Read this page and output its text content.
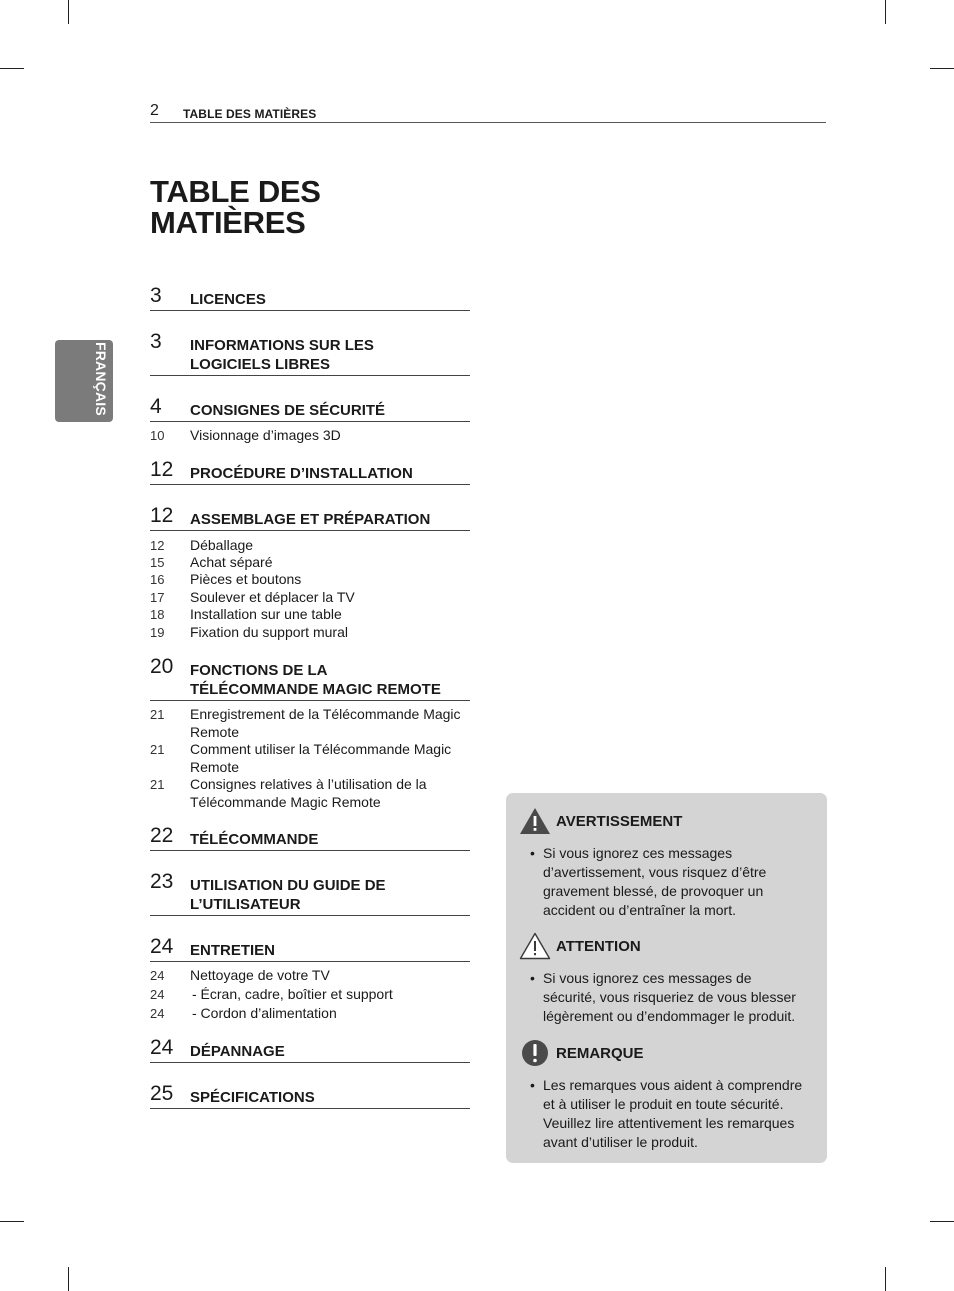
2 TABLE DES MATIÈRES
FRANÇAIS
TABLE DES
MATIÈRES
3 LICENCES
3 INFORMATIONS SUR LES
LOGICIELS LIBRES
4 CONSIGNES DE SÉCURITÉ
10 Visionnage d’images 3D
12 PROCÉDURE D’INSTALLATION
12 ASSEMBLAGE ET PRÉPARATION
12 Déballage
15 Achat séparé
16 Pièces et boutons
17 Soulever et déplacer la TV
18 Installation sur une table
19 Fixation du support mural
20 FONCTIONS DE LA
TÉLÉCOMMANDE MAGIC REMOTE
21 Enregistrement de la Télécommande Magic
Remote
21 Comment utiliser la Télécommande Magic
Remote
21 Consignes relatives à l’utilisation de la
Télécommande Magic Remote
22 TÉLÉCOMMANDE
23 UTILISATION DU GUIDE DE
L’UTILISATEUR
24 ENTRETIEN
24 Nettoyage de votre TV
24 - Écran, cadre, boîtier et support
24 - Cordon d’alimentation
24 DÉPANNAGE
25 SPÉCIFICATIONS
AVERTISSEMENT
• Si vous ignorez ces messages
d’avertissement, vous risquez d’être
gravement blessé, de provoquer un
accident ou d’entraîner la mort.
ATTENTION
• Si vous ignorez ces messages de
sécurité, vous risqueriez de vous blesser
légèrement ou d’endommager le produit.
REMARQUE
• Les remarques vous aident à comprendre
et à utiliser le produit en toute sécurité.
Veuillez lire attentivement les remarques
avant d’utiliser le produit.
